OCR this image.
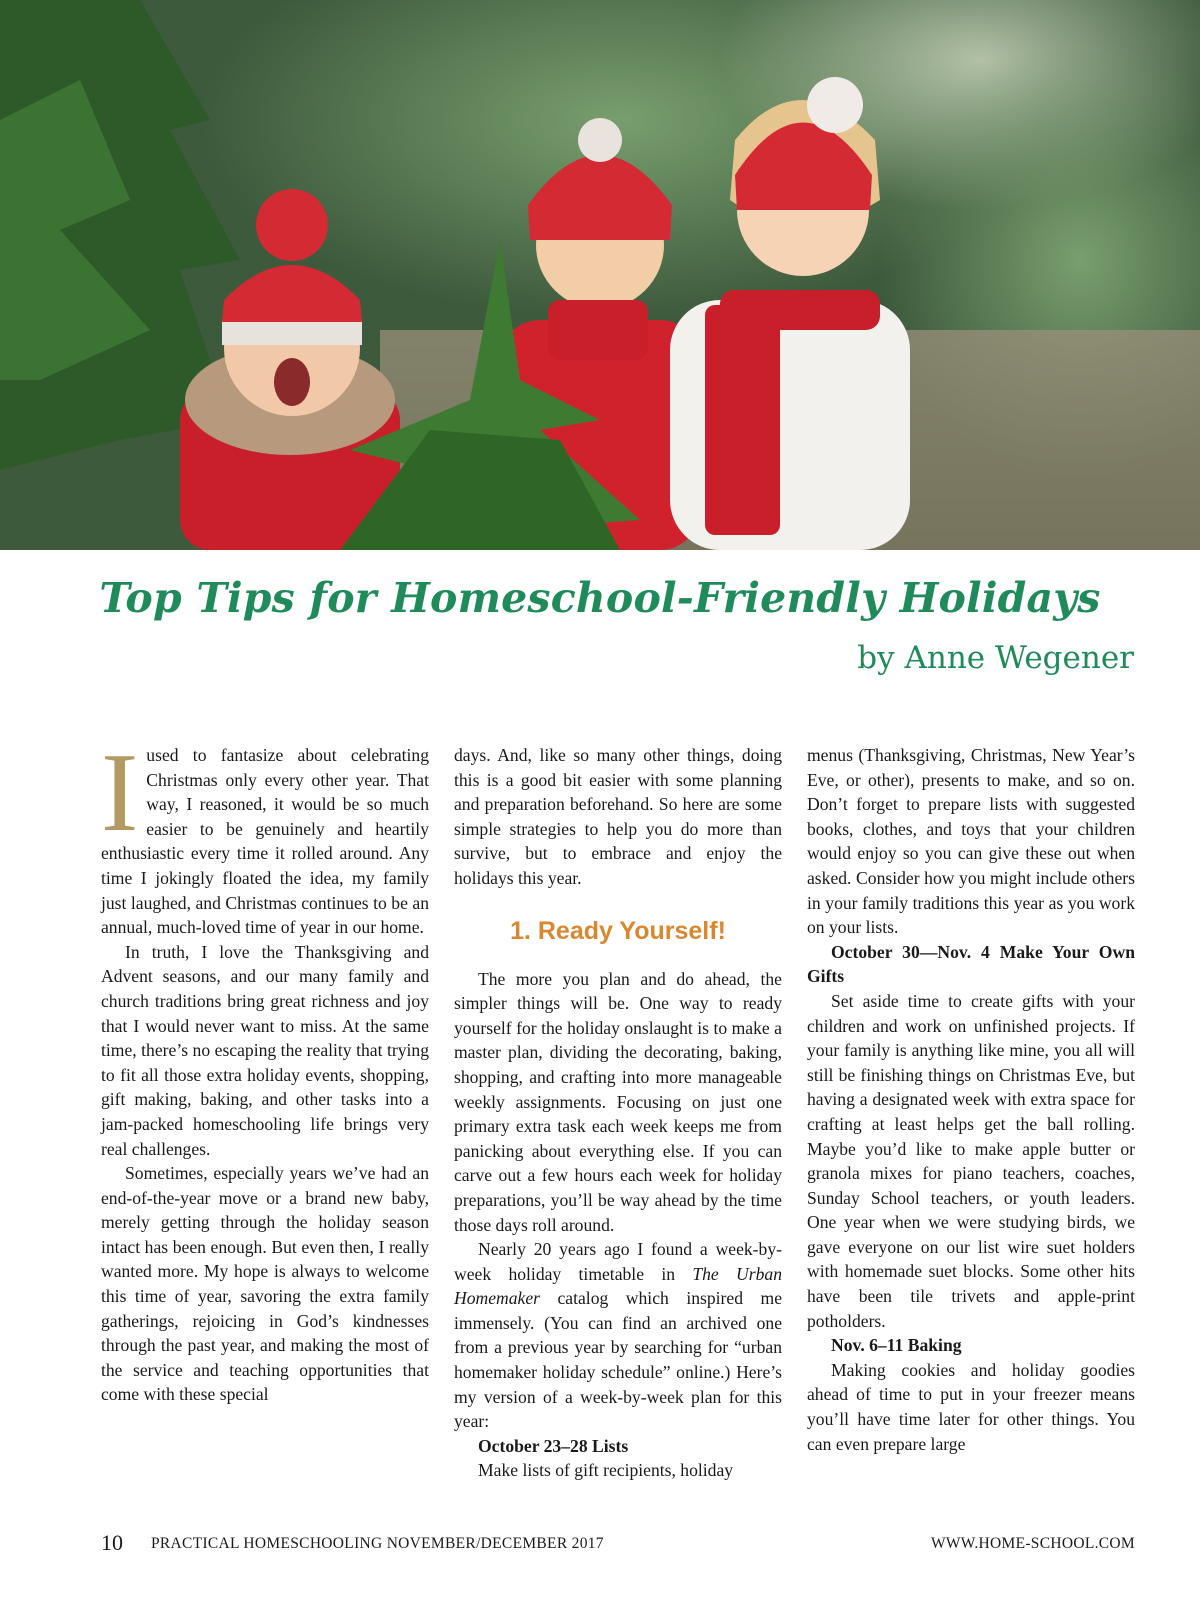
Top Tips for Homeschool-Friendly Holidays
by Anne Wegener

Iused to fantasize about celebrating Christmas only every other year. That way, I reasoned, it would be so much easier to be genuinely and heartily enthusiastic every time it rolled around. Any time I jokingly floated the idea, my family just laughed, and Christmas continues to be an annual, much-loved time of year in our home.

In truth, I love the Thanksgiving and Advent seasons, and our many family and church traditions bring great richness and joy that I would never want to miss. At the same time, there’s no escaping the reality that trying to fit all those extra holiday events, shopping, gift making, baking, and other tasks into a jam-packed homeschooling life brings very real challenges.

Sometimes, especially years we’ve had an end-of-the-year move or a brand new baby, merely getting through the holiday season intact has been enough. But even then, I really wanted more. My hope is always to welcome this time of year, savoring the extra family gatherings, rejoicing in God’s kindnesses through the past year, and making the most of the service and teaching opportunities that come with these special

days. And, like so many other things, doing this is a good bit easier with some planning and preparation beforehand. So here are some simple strategies to help you do more than survive, but to embrace and enjoy the holidays this year.

1. Ready Yourself!

The more you plan and do ahead, the simpler things will be. One way to ready yourself for the holiday onslaught is to make a master plan, dividing the decorating, baking, shopping, and crafting into more manageable weekly assignments. Focusing on just one primary extra task each week keeps me from panicking about everything else. If you can carve out a few hours each week for holiday preparations, you’ll be way ahead by the time those days roll around.

Nearly 20 years ago I found a week-by-week holiday timetable in The Urban Homemaker catalog which inspired me immensely. (You can find an archived one from a previous year by searching for “urban homemaker holiday schedule” online.) Here’s my version of a week-by-week plan for this year:

October 23–28 Lists

Make lists of gift recipients, holiday

menus (Thanksgiving, Christmas, New Year’s Eve, or other), presents to make, and so on. Don’t forget to prepare lists with suggested books, clothes, and toys that your children would enjoy so you can give these out when asked. Consider how you might include others in your family traditions this year as you work on your lists.

October 30––Nov. 4 Make Your Own Gifts

Set aside time to create gifts with your children and work on unfinished projects. If your family is anything like mine, you all will still be finishing things on Christmas Eve, but having a designated week with extra space for crafting at least helps get the ball rolling. Maybe you’d like to make apple butter or granola mixes for piano teachers, coaches, Sunday School teachers, or youth leaders. One year when we were studying birds, we gave everyone on our list wire suet holders with homemade suet blocks. Some other hits have been tile trivets and apple-print potholders.

Nov. 6–11 Baking

Making cookies and holiday goodies ahead of time to put in your freezer means you’ll have time later for other things. You can even prepare large

10 PRACTICAL HOMESCHOOLING NOVEMBER/DECEMBER 2017	WWW.HOME-SCHOOL.COM
